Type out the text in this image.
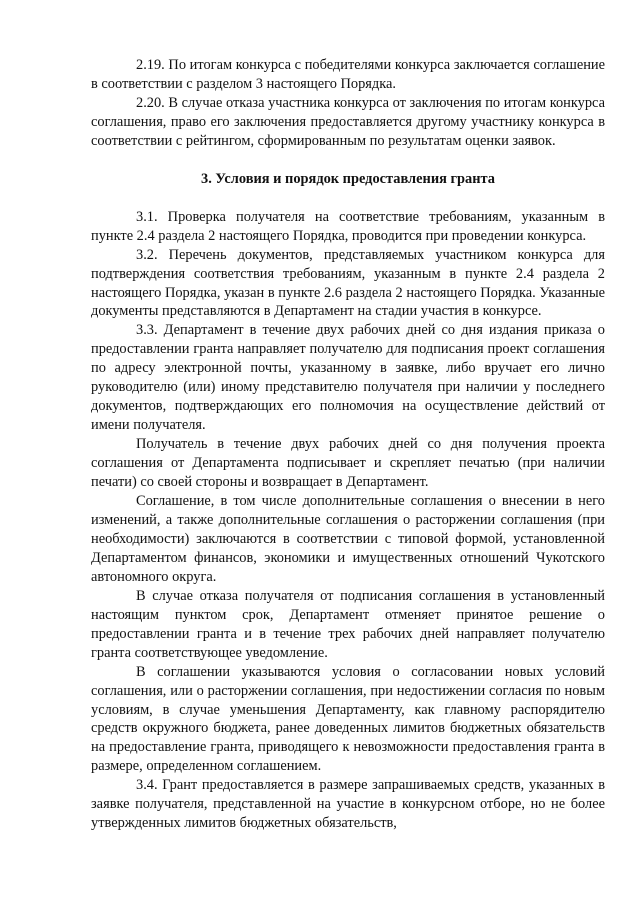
2.19. По итогам конкурса с победителями конкурса заключается соглашение в соответствии с разделом 3 настоящего Порядка.

2.20. В случае отказа участника конкурса от заключения по итогам конкурса соглашения, право его заключения предоставляется другому участнику конкурса в соответствии с рейтингом, сформированным по результатам оценки заявок.

3. Условия и порядок предоставления гранта

3.1. Проверка получателя на соответствие требованиям, указанным в пункте 2.4 раздела 2 настоящего Порядка, проводится при проведении конкурса.

3.2. Перечень документов, представляемых участником конкурса для подтверждения соответствия требованиям, указанным в пункте 2.4 раздела 2 настоящего Порядка, указан в пункте 2.6 раздела 2 настоящего Порядка. Указанные документы представляются в Департамент на стадии участия в конкурсе.

3.3. Департамент в течение двух рабочих дней со дня издания приказа о предоставлении гранта направляет получателю для подписания проект соглашения по адресу электронной почты, указанному в заявке, либо вручает его лично руководителю (или) иному представителю получателя при наличии у последнего документов, подтверждающих его полномочия на осуществление действий от имени получателя.

Получатель в течение двух рабочих дней со дня получения проекта соглашения от Департамента подписывает и скрепляет печатью (при наличии печати) со своей стороны и возвращает в Департамент.

Соглашение, в том числе дополнительные соглашения о внесении в него изменений, а также дополнительные соглашения о расторжении соглашения (при необходимости) заключаются в соответствии с типовой формой, установленной Департаментом финансов, экономики и имущественных отношений Чукотского автономного округа.

В случае отказа получателя от подписания соглашения в установленный настоящим пунктом срок, Департамент отменяет принятое решение о предоставлении гранта и в течение трех рабочих дней направляет получателю гранта соответствующее уведомление.

В соглашении указываются условия о согласовании новых условий соглашения, или о расторжении соглашения, при недостижении согласия по новым условиям, в случае уменьшения Департаменту, как главному распорядителю средств окружного бюджета, ранее доведенных лимитов бюджетных обязательств на предоставление гранта, приводящего к невозможности предоставления гранта в размере, определенном соглашением.

3.4. Грант предоставляется в размере запрашиваемых средств, указанных в заявке получателя, представленной на участие в конкурсном отборе, но не более утвержденных лимитов бюджетных обязательств,
